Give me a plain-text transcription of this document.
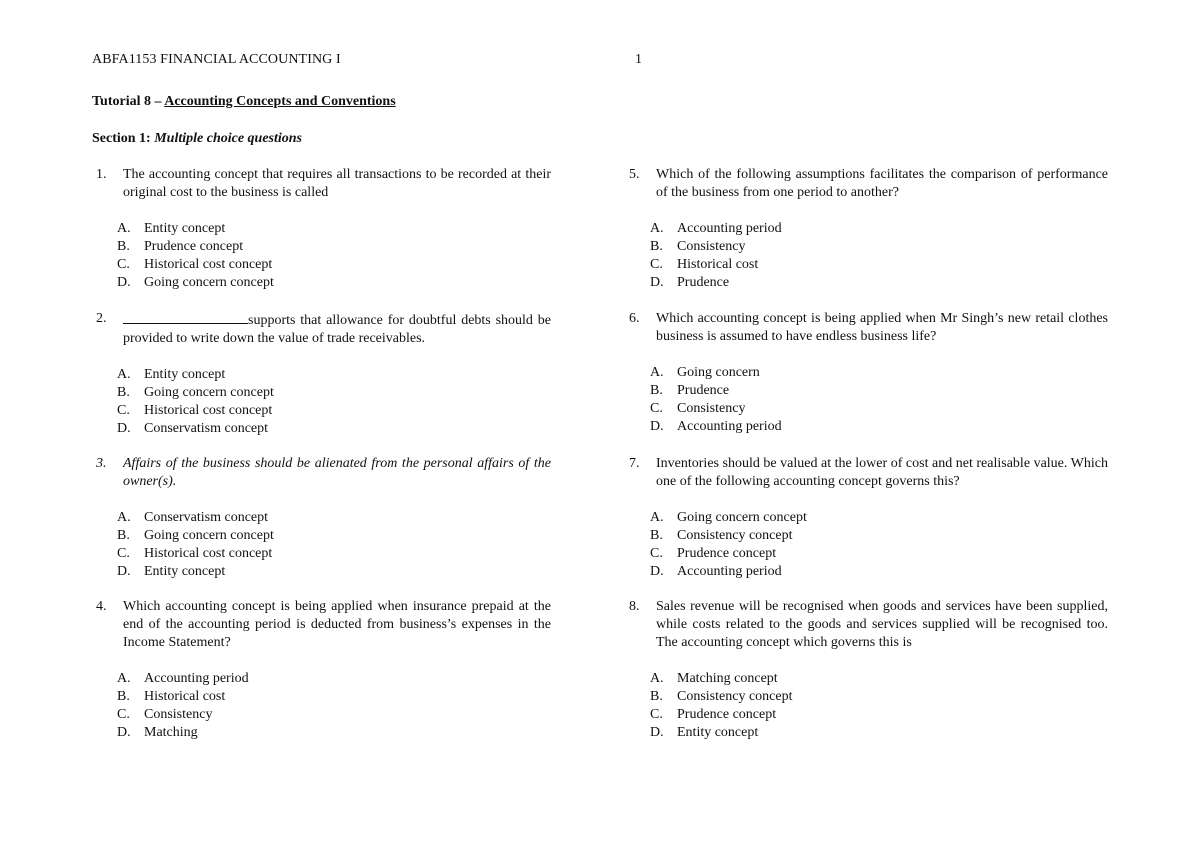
ABFA1153 FINANCIAL ACCOUNTING I	1
Tutorial 8 – Accounting Concepts and Conventions
Section 1: Multiple choice questions
1. The accounting concept that requires all transactions to be recorded at their original cost to the business is called
A. Entity concept
B. Prudence concept
C. Historical cost concept
D. Going concern concept
2.	supports that allowance for doubtful debts should be provided to write down the value of trade receivables.
A. Entity concept
B. Going concern concept
C. Historical cost concept
D. Conservatism concept
3. Affairs of the business should be alienated from the personal affairs of the owner(s).
A. Conservatism concept
B. Going concern concept
C. Historical cost concept
D. Entity concept
4. Which accounting concept is being applied when insurance prepaid at the end of the accounting period is deducted from business’s expenses in the Income Statement?
A. Accounting period
B. Historical cost
C. Consistency
D. Matching
5. Which of the following assumptions facilitates the comparison of performance of the business from one period to another?
A. Accounting period
B. Consistency
C. Historical cost
D. Prudence
6. Which accounting concept is being applied when Mr Singh’s new retail clothes business is assumed to have endless business life?
A. Going concern
B. Prudence
C. Consistency
D. Accounting period
7. Inventories should be valued at the lower of cost and net realisable value. Which one of the following accounting concept governs this?
A. Going concern concept
B. Consistency concept
C. Prudence concept
D. Accounting period
8. Sales revenue will be recognised when goods and services have been supplied, while costs related to the goods and services supplied will be recognised too. The accounting concept which governs this is
A. Matching concept
B. Consistency concept
C. Prudence concept
D. Entity concept
